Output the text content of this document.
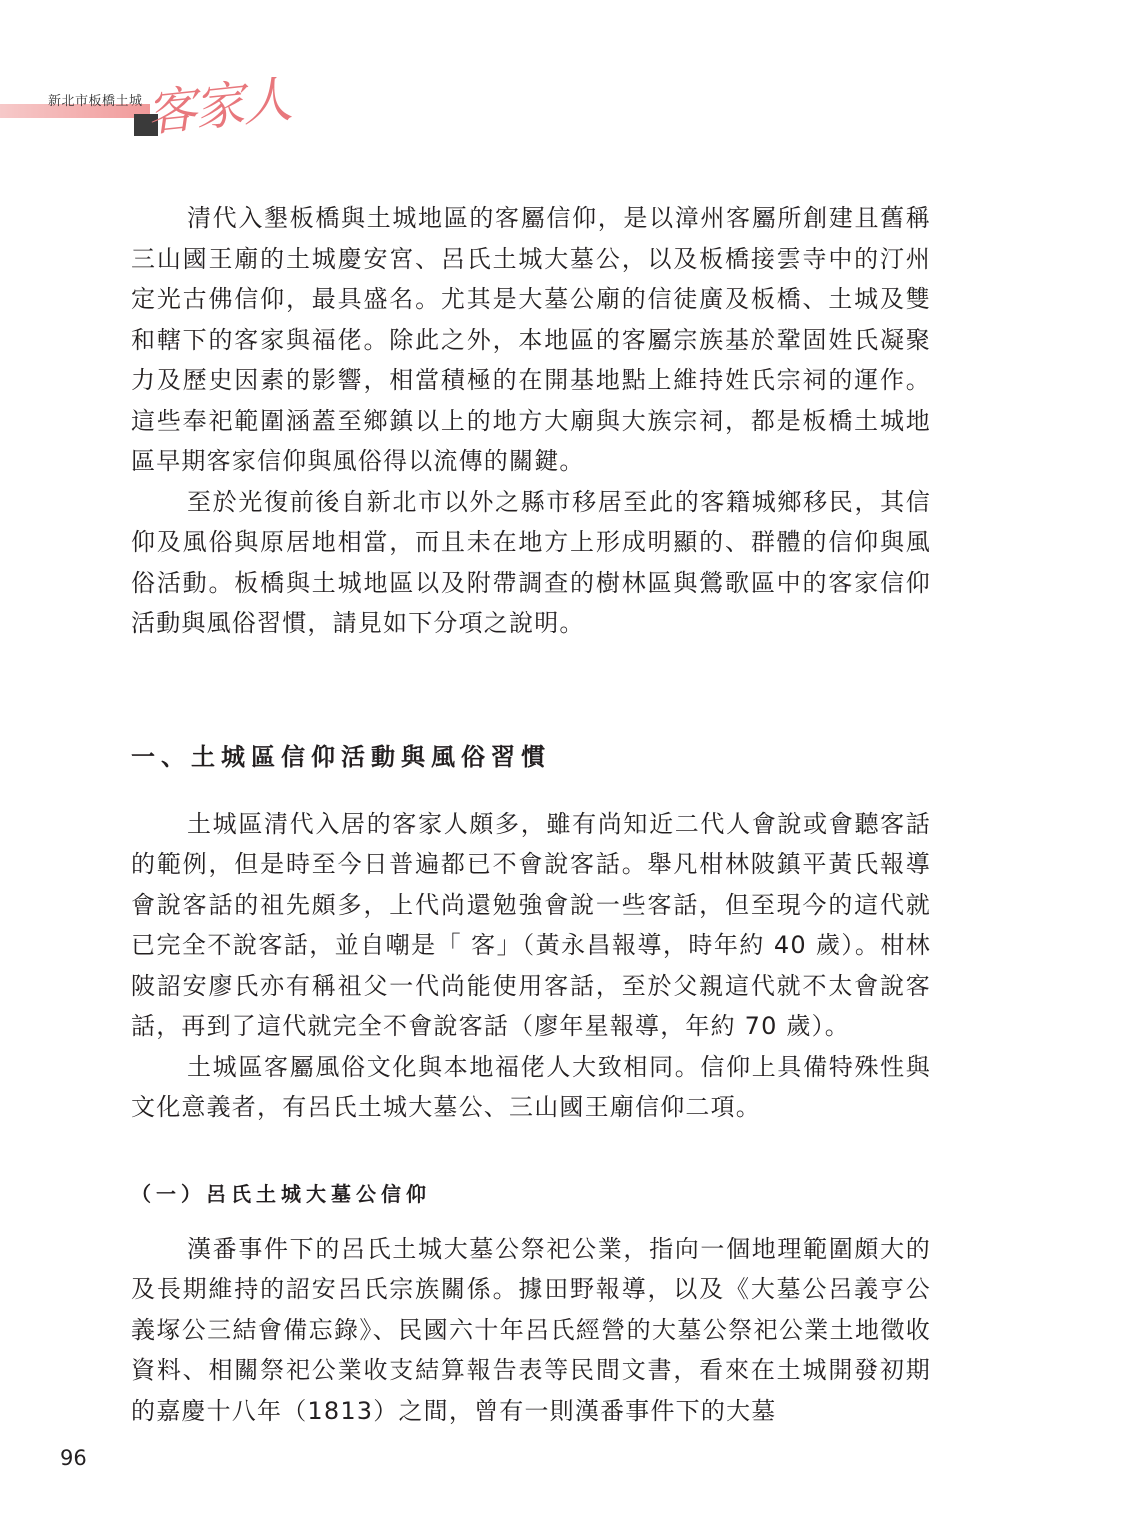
新北市板橋土城 客家人

清代入墾板橋與土城地區的客屬信仰，是以漳州客屬所創建且舊稱三山國王廟的土城慶安宮、呂氏土城大墓公，以及板橋接雲寺中的汀州定光古佛信仰，最具盛名。尤其是大墓公廟的信徒廣及板橋、土城及雙和轄下的客家與福佬。除此之外，本地區的客屬宗族基於鞏固姓氏凝聚力及歷史因素的影響，相當積極的在開基地點上維持姓氏宗祠的運作。這些奉祀範圍涵蓋至鄉鎮以上的地方大廟與大族宗祠，都是板橋土城地區早期客家信仰與風俗得以流傳的關鍵。

至於光復前後自新北市以外之縣市移居至此的客籍城鄉移民，其信仰及風俗與原居地相當，而且未在地方上形成明顯的、群體的信仰與風俗活動。板橋與土城地區以及附帶調查的樹林區與鶯歌區中的客家信仰活動與風俗習慣，請見如下分項之說明。

一、土城區信仰活動與風俗習慣

土城區清代入居的客家人頗多，雖有尚知近二代人會說或會聽客話的範例，但是時至今日普遍都已不會說客話。舉凡柑林陂鎮平黃氏報導會說客話的祖先頗多，上代尚還勉強會說一些客話，但至現今的這代就已完全不說客話，並自嘲是「 客」（黃永昌報導，時年約 40 歲）。柑林陂詔安廖氏亦有稱祖父一代尚能使用客話，至於父親這代就不太會說客話，再到了這代就完全不會說客話（廖年星報導，年約 70 歲）。

土城區客屬風俗文化與本地福佬人大致相同。信仰上具備特殊性與文化意義者，有呂氏土城大墓公、三山國王廟信仰二項。

（一）呂氏土城大墓公信仰

漢番事件下的呂氏土城大墓公祭祀公業，指向一個地理範圍頗大的及長期維持的詔安呂氏宗族關係。據田野報導，以及《大墓公呂義亨公義塚公三結會備忘錄》、民國六十年呂氏經營的大墓公祭祀公業土地徵收資料、相關祭祀公業收支結算報告表等民間文書，看來在土城開發初期的嘉慶十八年（1813）之間，曾有一則漢番事件下的大墓

96
